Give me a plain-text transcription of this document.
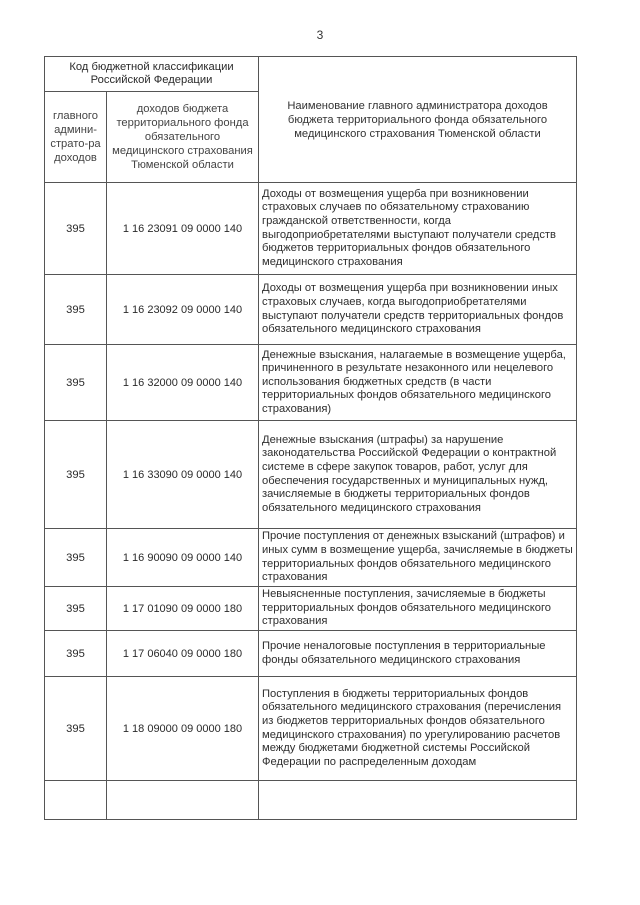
3
Код бюджетной классификации Российской Федерации		Наименование главного администратора доходов бюджета территориального фонда обязательного медицинского страхования Тюменской области
главного админи-страто-ра доходов	доходов бюджета территориального фонда обязательного медицинского страхования Тюменской области	
395	1 16 23091 09 0000 140	Доходы от возмещения ущерба при возникновении страховых случаев по обязательному страхованию гражданской ответственности, когда выгодоприобретателями выступают получатели средств бюджетов территориальных фондов обязательного медицинского страхования
395	1 16 23092 09 0000 140	Доходы от возмещения ущерба при возникновении иных страховых случаев, когда выгодоприобретателями выступают получатели средств территориальных фондов обязательного медицинского страхования
395	1 16 32000 09 0000 140	Денежные взыскания, налагаемые в возмещение ущерба, причиненного в результате незаконного или нецелевого использования бюджетных средств (в части территориальных фондов обязательного медицинского страхования)
395	1 16 33090 09 0000 140	Денежные взыскания (штрафы) за нарушение законодательства Российской Федерации о контрактной системе в сфере закупок товаров, работ, услуг для обеспечения государственных и муниципальных нужд, зачисляемые в бюджеты территориальных фондов обязательного медицинского страхования
395	1 16 90090 09 0000 140	Прочие поступления от денежных взысканий (штрафов) и иных сумм в возмещение ущерба, зачисляемые в бюджеты территориальных фондов обязательного медицинского страхования
395	1 17 01090 09 0000 180	Невыясненные поступления, зачисляемые в бюджеты территориальных фондов обязательного медицинского страхования
395	1 17 06040 09 0000 180	Прочие неналоговые поступления в территориальные фонды обязательного медицинского страхования
395	1 18 09000 09 0000 180	Поступления в бюджеты территориальных фондов обязательного медицинского страхования (перечисления из бюджетов территориальных фондов обязательного медицинского страхования) по урегулированию расчетов между бюджетами бюджетной системы Российской Федерации по распределенным доходам
